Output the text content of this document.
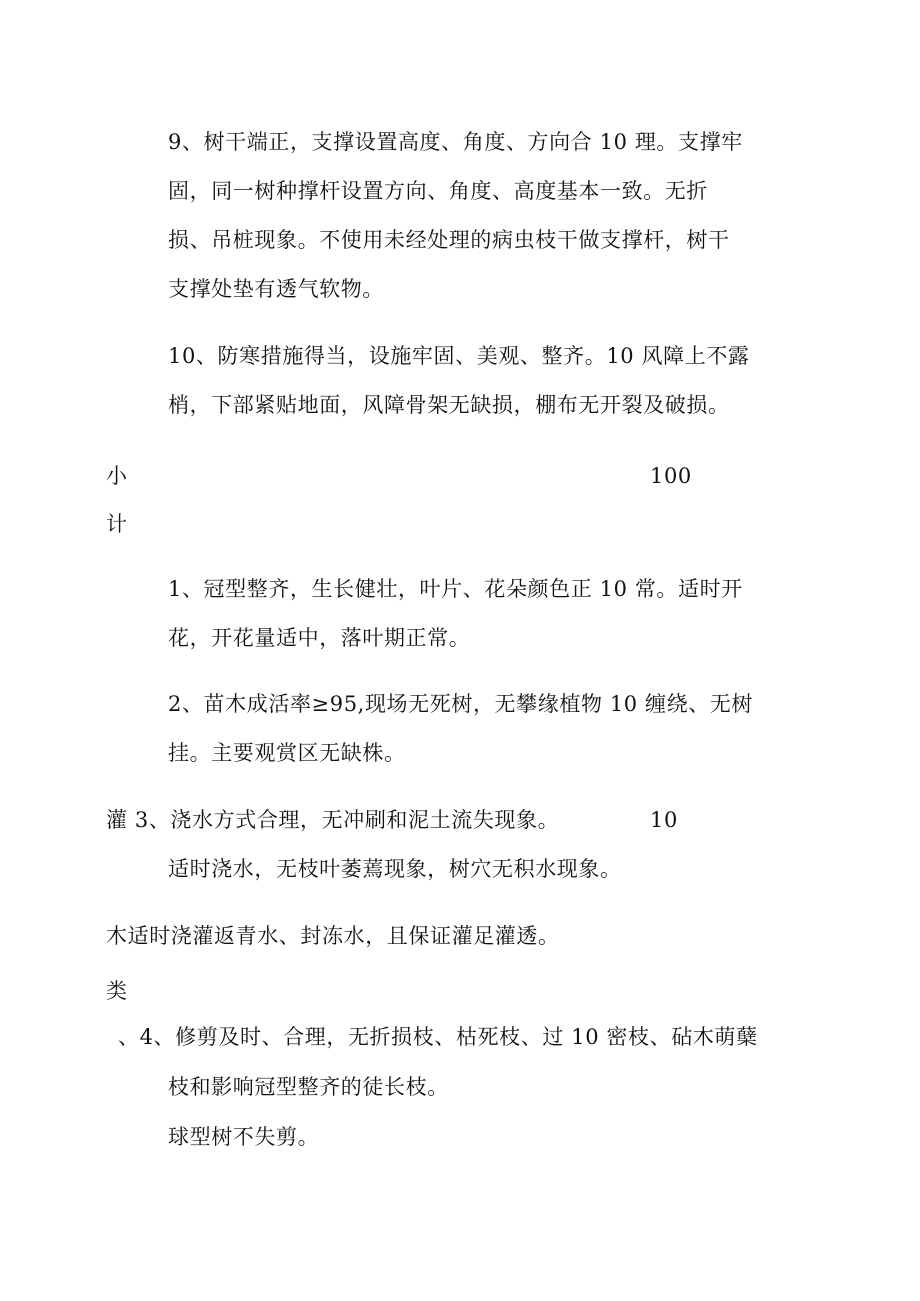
9、树干端正，支撑设置高度、角度、方向合 10 理。支撑牢
固，同一树种撑杆设置方向、角度、高度基本一致。无折
损、吊桩现象。不使用未经处理的病虫枝干做支撑杆，树干
支撑处垫有透气软物。
10、防寒措施得当，设施牢固、美观、整齐。10 风障上不露
梢，下部紧贴地面，风障骨架无缺损，棚布无开裂及破损。
小	100
计
1、冠型整齐，生长健壮，叶片、花朵颜色正 10 常。适时开
花，开花量适中，落叶期正常。
2、苗木成活率≥95,现场无死树，无攀缘植物 10 缠绕、无树
挂。主要观赏区无缺株。
灌 3、浇水方式合理，无冲刷和泥土流失现象。	10
适时浇水，无枝叶萎蔫现象，树穴无积水现象。
木适时浇灌返青水、封冻水，且保证灌足灌透。
类
、4、修剪及时、合理，无折损枝、枯死枝、过 10 密枝、砧木萌蘖
枝和影响冠型整齐的徒长枝。
球型树不失剪。
